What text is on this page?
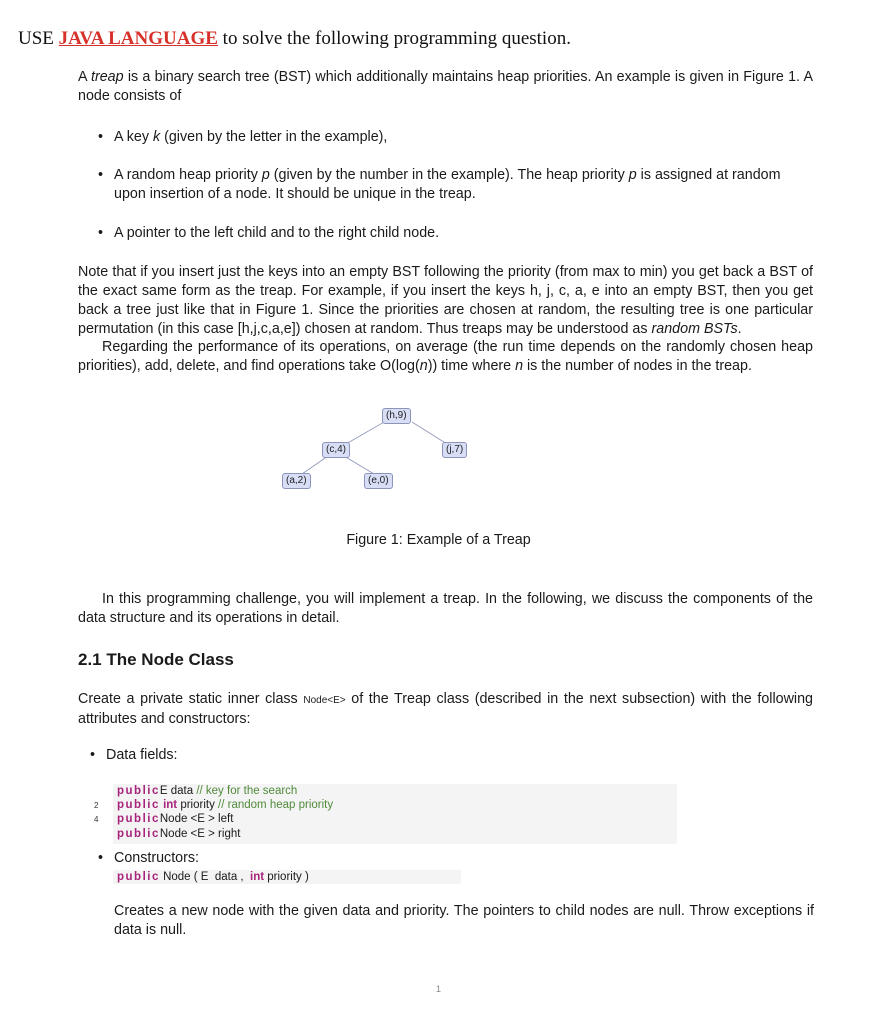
USE JAVA LANGUAGE to solve the following programming question.
A treap is a binary search tree (BST) which additionally maintains heap priorities. An example is given in Figure 1. A node consists of
• A key k (given by the letter in the example),
• A random heap priority p (given by the number in the example). The heap priority p is assigned at random upon insertion of a node. It should be unique in the treap.
• A pointer to the left child and to the right child node.
Note that if you insert just the keys into an empty BST following the priority (from max to min) you get back a BST of the exact same form as the treap. For example, if you insert the keys h, j, c, a, e into an empty BST, then you get back a tree just like that in Figure 1. Since the priorities are chosen at random, the resulting tree is one particular permutation (in this case [h,j,c,a,e]) chosen at random. Thus treaps may be understood as random BSTs.
Regarding the performance of its operations, on average (the run time depends on the randomly chosen heap priorities), add, delete, and find operations take O(log(n)) time where n is the number of nodes in the treap.
(h,9)
(c,4)	(j,7)
(a,2)	(e,0)
Figure 1: Example of a Treap
In this programming challenge, you will implement a treap. In the following, we discuss the components of the data structure and its operations in detail.
2.1 The Node Class
Create a private static inner class Node<E> of the Treap class (described in the next subsection) with the following attributes and constructors:
• Data fields:
2
4
publicE data // key for the search
public int priority // random heap priority
publicNode <E > left
publicNode <E > right
• Constructors:
public Node ( E  data ,  int priority )
Creates a new node with the given data and priority. The pointers to child nodes are null. Throw exceptions if data is null.
1
